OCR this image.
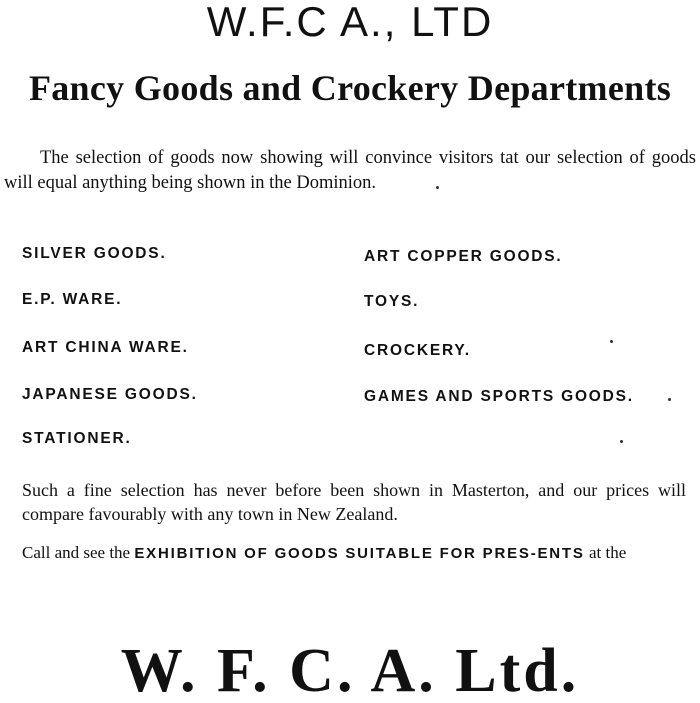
W.F.C A., LTD
Fancy Goods and Crockery Departments
The selection of goods now showing will convince visitors tat our selection of goods will equal anything being shown in the Dominion.
SILVER GOODS.
E.P. WARE.
ART CHINA WARE.
JAPANESE GOODS.
STATIONER.
ART COPPER GOODS.
TOYS.
CROCKERY.
GAMES AND SPORTS GOODS.
Such a fine selection has never before been shown in Masterton, and our prices will compare favourably with any town in New Zealand.
Call and see the EXHIBITION OF GOODS SUITABLE FOR PRES-ENTS at the
W. F. C. A. Ltd.
